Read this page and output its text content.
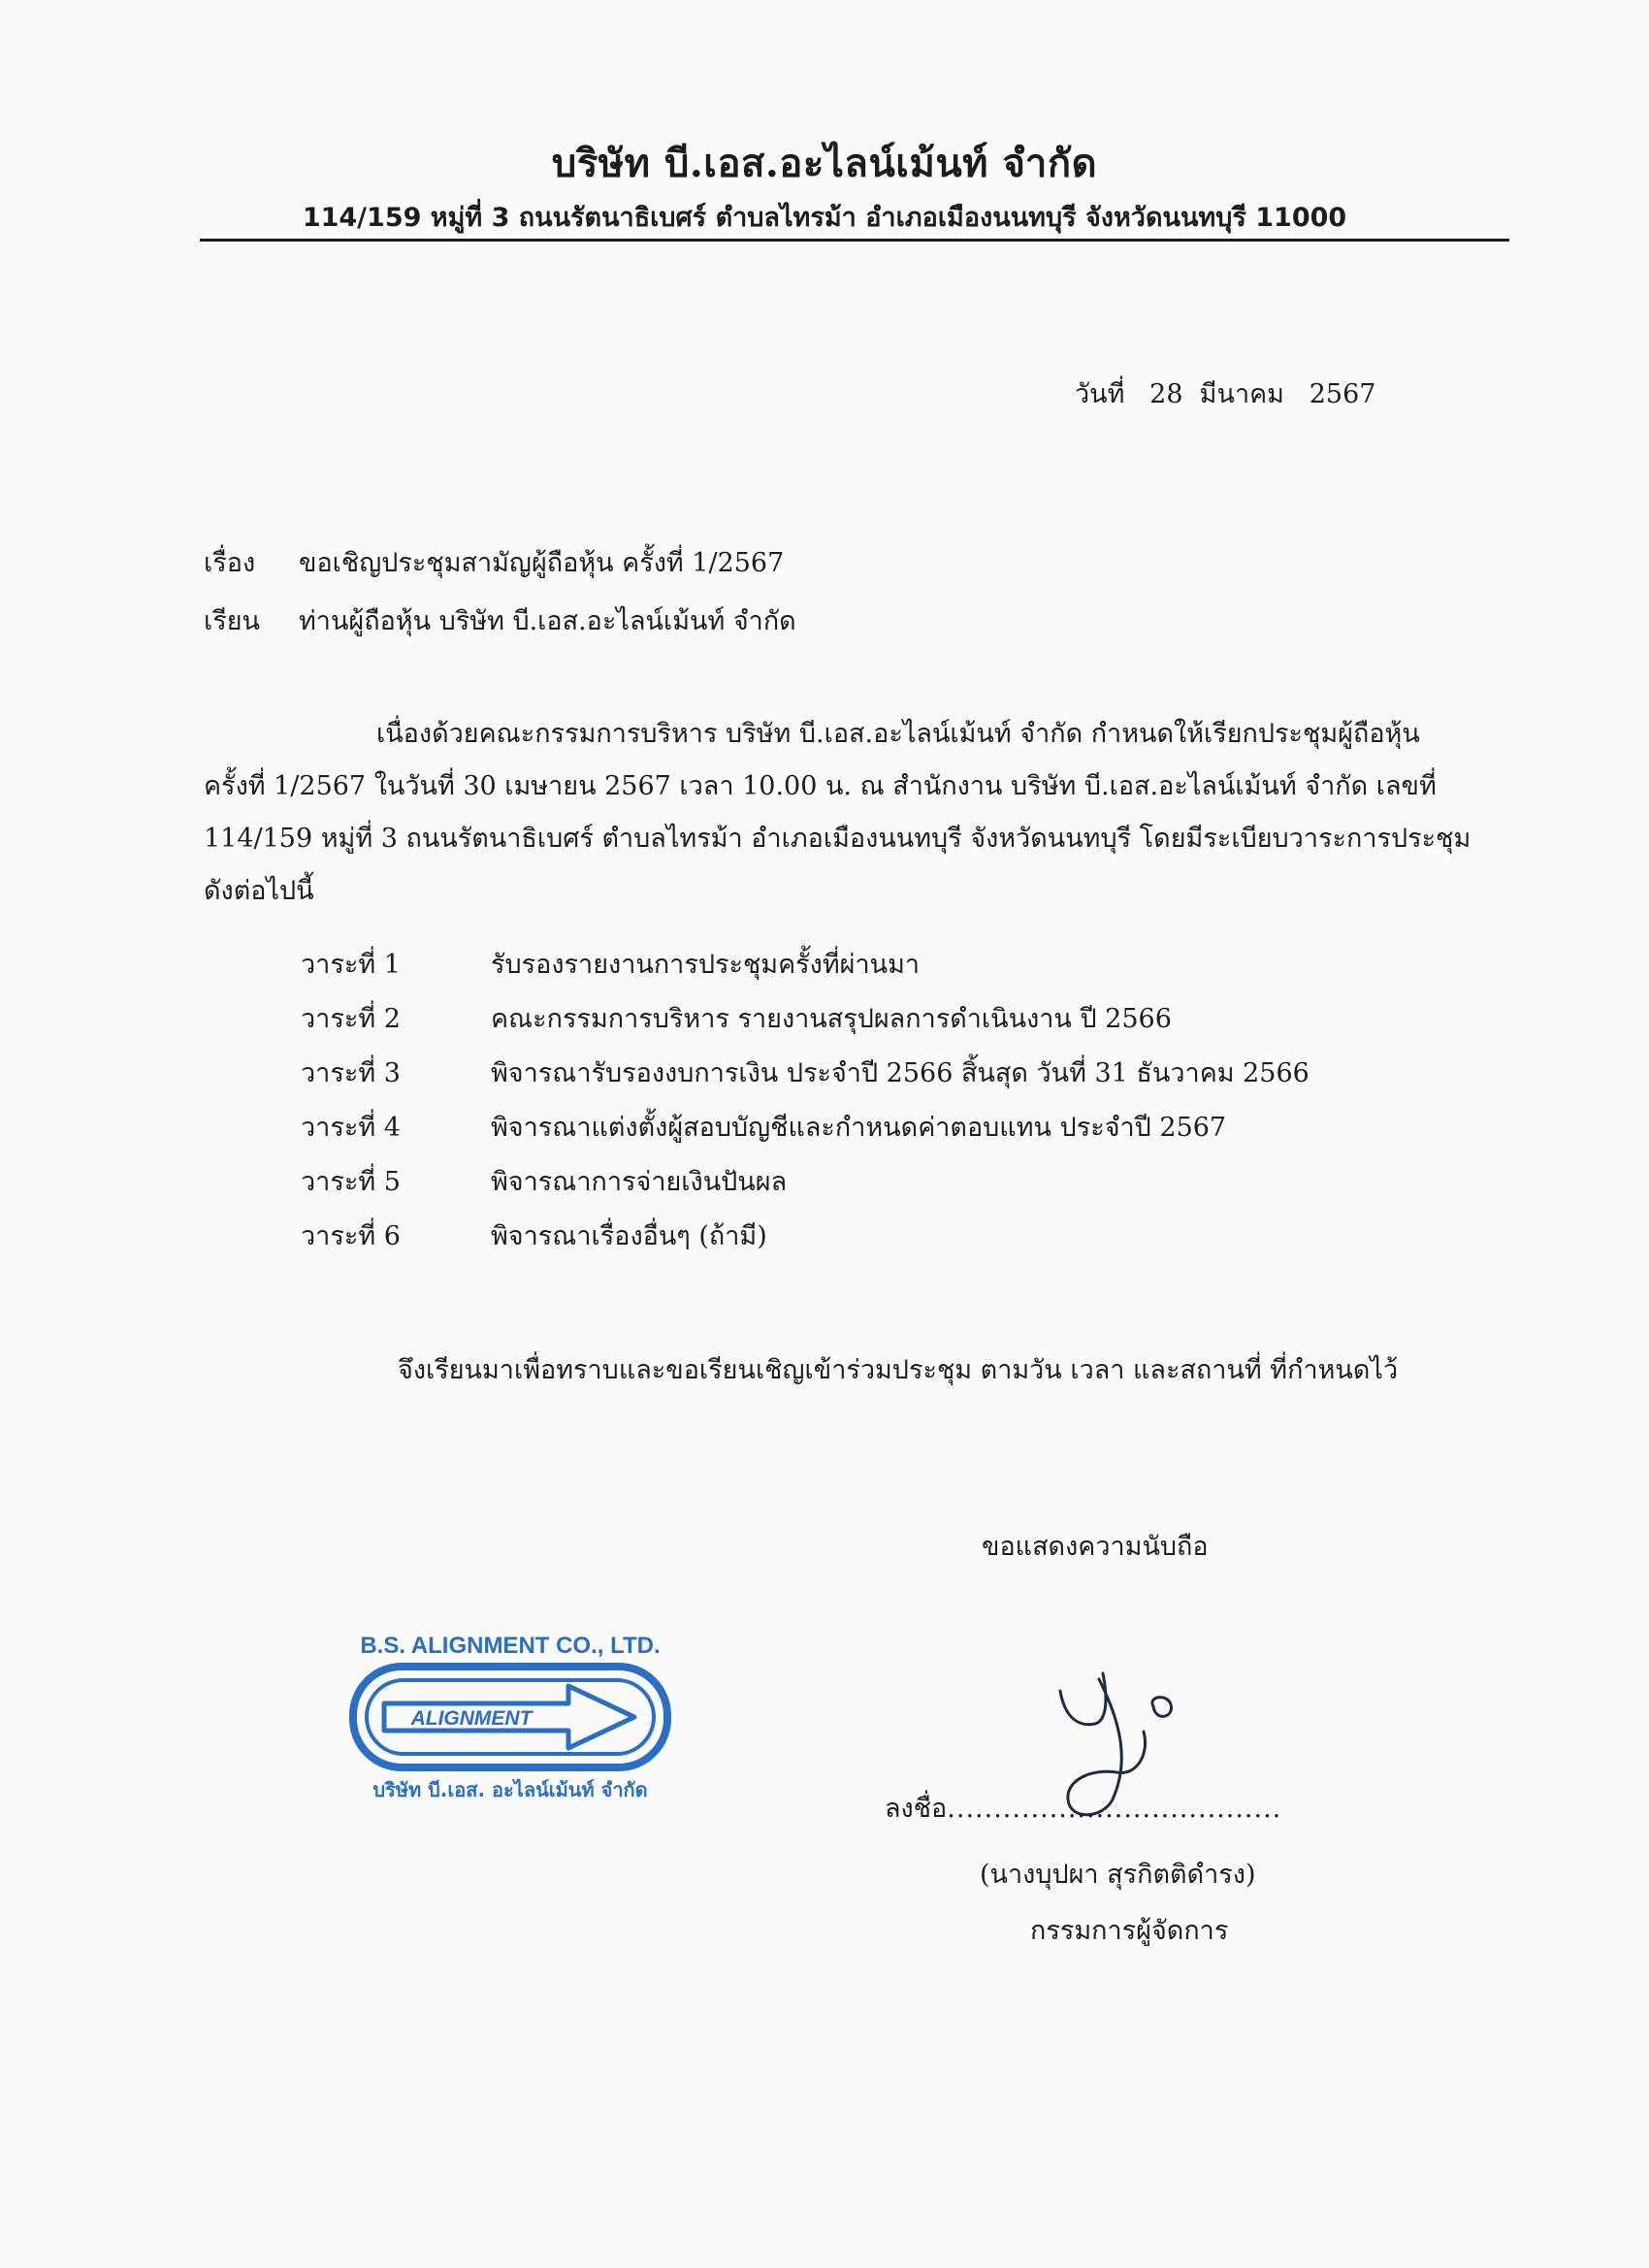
บริษัท บี.เอส.อะไลน์เม้นท์ จำกัด
114/159 หมู่ที่ 3 ถนนรัตนาธิเบศร์ ตำบลไทรม้า อำเภอเมืองนนทบุรี จังหวัดนนทบุรี 11000
วันที่   28  มีนาคม   2567
เรื่อง ขอเชิญประชุมสามัญผู้ถือหุ้น ครั้งที่ 1/2567
เรียน ท่านผู้ถือหุ้น บริษัท บี.เอส.อะไลน์เม้นท์ จำกัด

เนื่องด้วยคณะกรรมการบริหาร บริษัท บี.เอส.อะไลน์เม้นท์ จำกัด กำหนดให้เรียกประชุมผู้ถือหุ้น

ครั้งที่ 1/2567 ในวันที่ 30 เมษายน 2567 เวลา 10.00 น. ณ สำนักงาน บริษัท บี.เอส.อะไลน์เม้นท์ จำกัด เลขที่

114/159 หมู่ที่ 3 ถนนรัตนาธิเบศร์ ตำบลไทรม้า อำเภอเมืองนนทบุรี จังหวัดนนทบุรี โดยมีระเบียบวาระการประชุม

ดังต่อไปนี้

วาระที่ 1	รับรองรายงานการประชุมครั้งที่ผ่านมา
วาระที่ 2	คณะกรรมการบริหาร รายงานสรุปผลการดำเนินงาน ปี 2566
วาระที่ 3	พิจารณารับรองงบการเงิน ประจำปี 2566 สิ้นสุด วันที่ 31 ธันวาคม 2566
วาระที่ 4	พิจารณาแต่งตั้งผู้สอบบัญชีและกำหนดค่าตอบแทน ประจำปี 2567
วาระที่ 5	พิจารณาการจ่ายเงินปันผล
วาระที่ 6	พิจารณาเรื่องอื่นๆ (ถ้ามี)
จึงเรียนมาเพื่อทราบและขอเรียนเชิญเข้าร่วมประชุม ตามวัน เวลา และสถานที่ ที่กำหนดไว้
ขอแสดงความนับถือ
B.S. ALIGNMENT CO., LTD.
ALIGNMENT
บริษัท บี.เอส. อะไลน์เม้นท์ จำกัด
ลงชื่อ....................................
(นางบุปผา สุรกิตติดำรง)
กรรมการผู้จัดการ
